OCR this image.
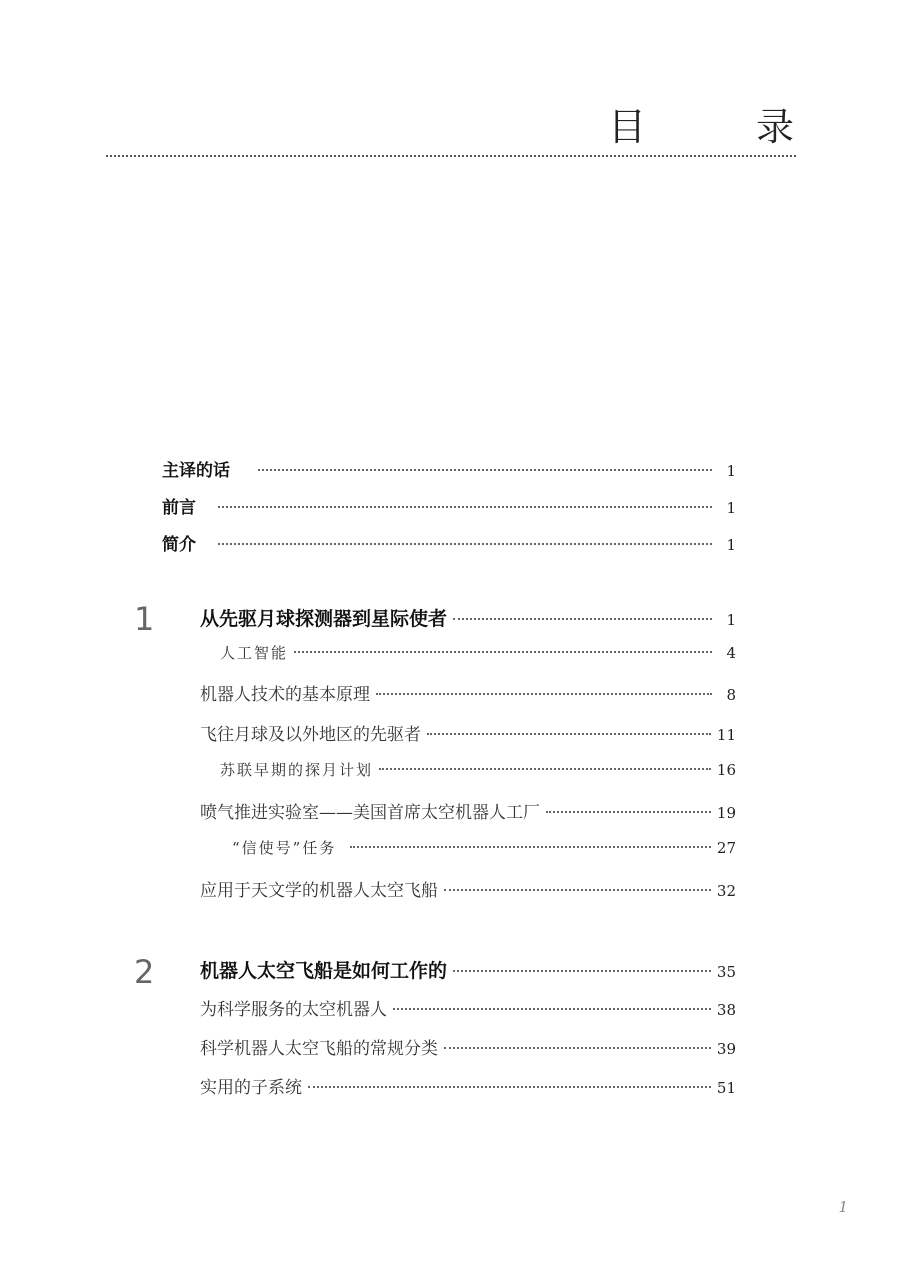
目　录
主译的话	1
前言	1
简介	1
1 从先驱月球探测器到星际使者	1
人工智能	4
机器人技术的基本原理	8
飞往月球及以外地区的先驱者	11
苏联早期的探月计划	16
喷气推进实验室——美国首席太空机器人工厂	19
“信使号”任务	27
应用于天文学的机器人太空飞船	32
2 机器人太空飞船是如何工作的	35
为科学服务的太空机器人	38
科学机器人太空飞船的常规分类	39
实用的子系统	51
1
